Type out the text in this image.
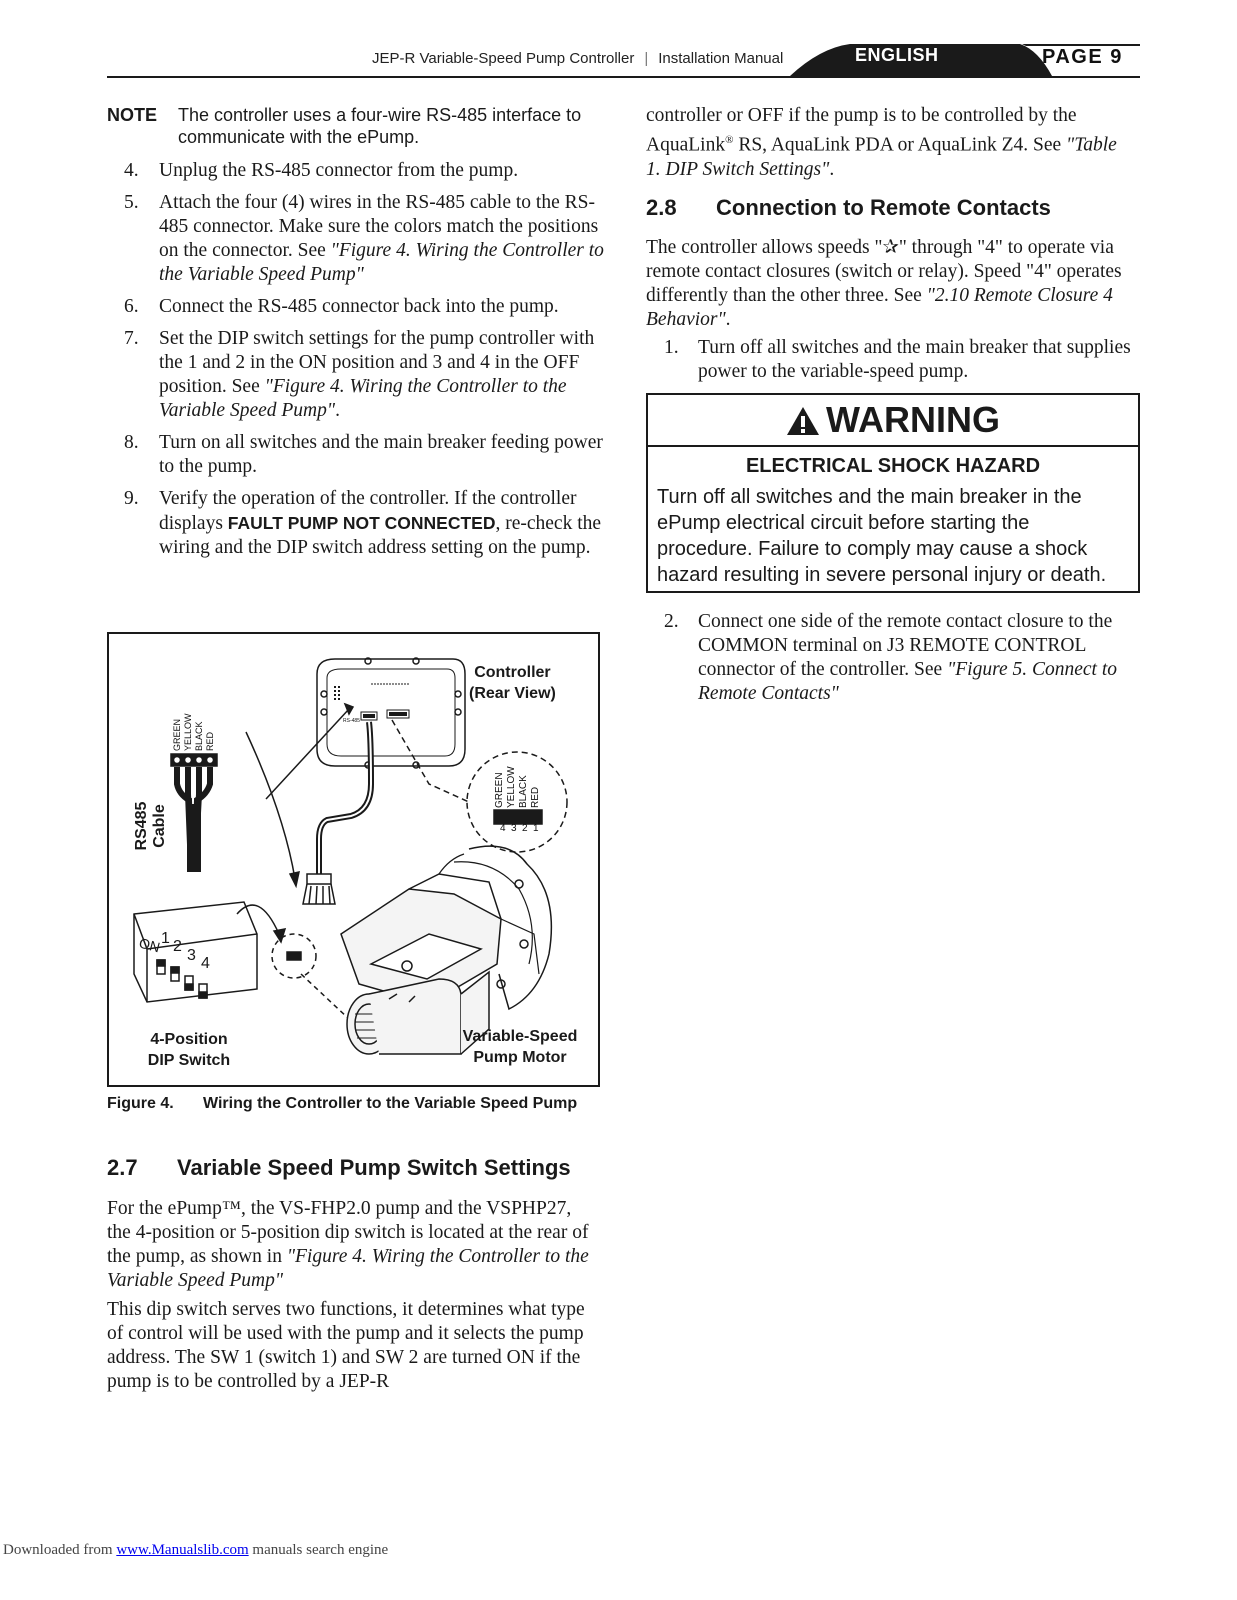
JEP-R Variable-Speed Pump Controller | Installation Manual	ENGLISH	PAGE 9
NOTE The controller uses a four-wire RS-485 interface to communicate with the ePump.
4. Unplug the RS-485 connector from the pump.
5. Attach the four (4) wires in the RS-485 cable to the RS-485 connector. Make sure the colors match the positions on the connector. See "Figure 4. Wiring the Controller to the Variable Speed Pump"
6. Connect the RS-485 connector back into the pump.
7. Set the DIP switch settings for the pump controller with the 1 and 2 in the ON position and 3 and 4 in the OFF position. See "Figure 4. Wiring the Controller to the Variable Speed Pump".
8. Turn on all switches and the main breaker feeding power to the pump.
9. Verify the operation of the controller. If the controller displays FAULT PUMP NOT CONNECTED, re-check the wiring and the DIP switch address setting on the pump.
Controller
(Rear View)
GREEN YELLOW BLACK RED
GREEN YELLOW BLACK RED
4 3 2 1
RS-485
RS485 Cable
ON 1 2
3 4
4-Position
DIP Switch
Variable-Speed
Pump Motor
Figure 4. Wiring the Controller to the Variable Speed Pump
2.7 Variable Speed Pump Switch Settings
For the ePump™, the VS-FHP2.0 pump and the VSPHP27, the 4-position or 5-position dip switch is located at the rear of the pump, as shown in "Figure 4. Wiring the Controller to the Variable Speed Pump"
This dip switch serves two functions, it determines what type of control will be used with the pump and it selects the pump address. The SW 1 (switch 1) and SW 2 are turned ON if the pump is to be controlled by a JEP-R
controller or OFF if the pump is to be controlled by the AquaLink® RS, AquaLink PDA or AquaLink Z4. See "Table 1. DIP Switch Settings".
2.8 Connection to Remote Contacts
The controller allows speeds "✰" through "4" to operate via remote contact closures (switch or relay). Speed "4" operates differently than the other three. See "2.10 Remote Closure 4 Behavior".
1. Turn off all switches and the main breaker that supplies power to the variable-speed pump.
WARNING
ELECTRICAL SHOCK HAZARD
Turn off all switches and the main breaker in the ePump electrical circuit before starting the procedure. Failure to comply may cause a shock hazard resulting in severe personal injury or death.
2. Connect one side of the remote contact closure to the COMMON terminal on J3 REMOTE CONTROL connector of the controller. See "Figure 5. Connect to Remote Contacts"
Downloaded from www.Manualslib.com manuals search engine
